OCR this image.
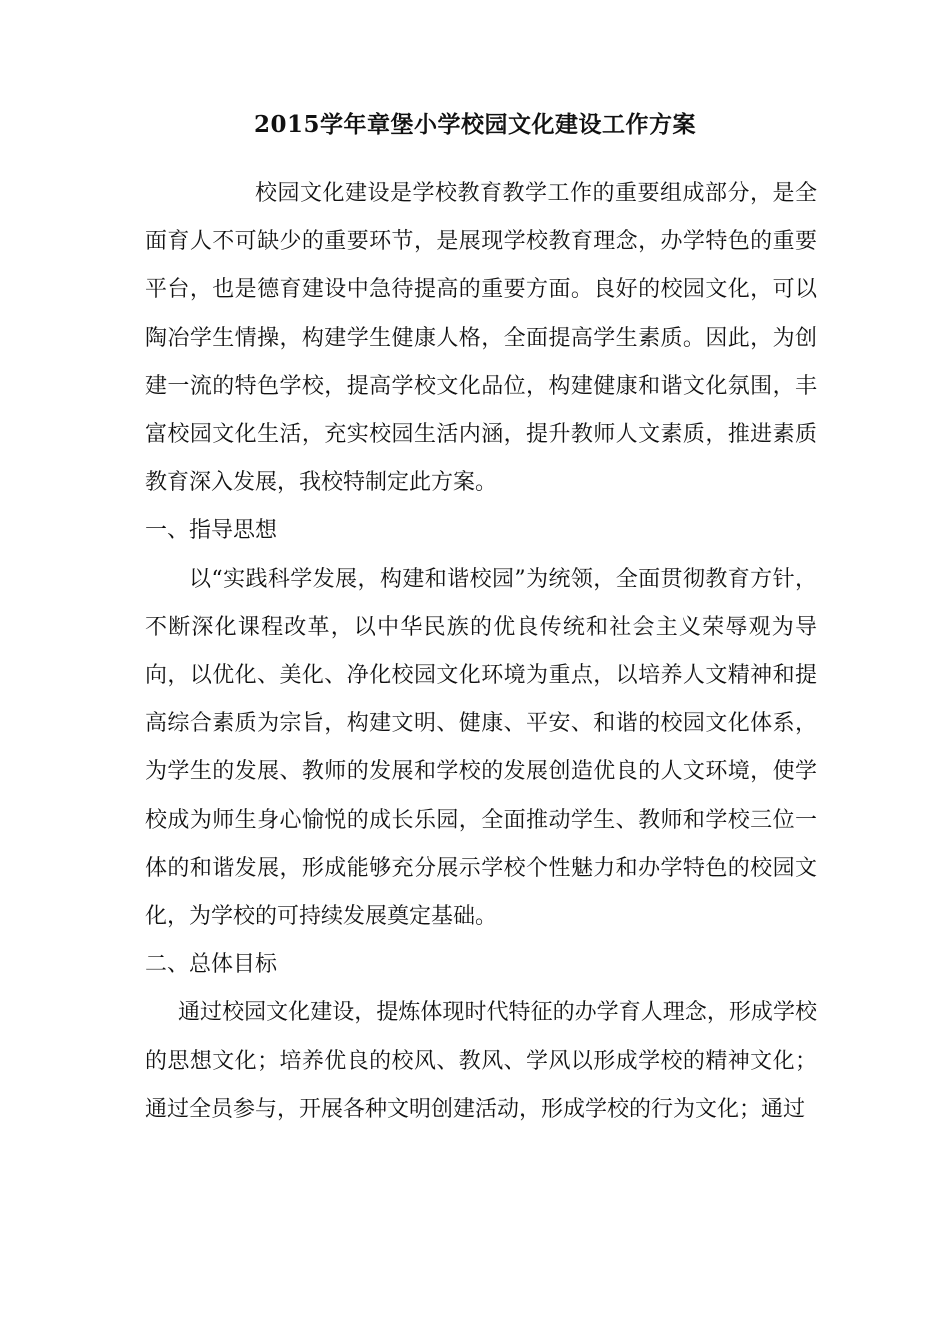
2015学年章堡小学校园文化建设工作方案

校园文化建设是学校教育教学工作的重要组成部分，是全面育人不可缺少的重要环节，是展现学校教育理念，办学特色的重要平台，也是德育建设中急待提高的重要方面。良好的校园文化，可以陶冶学生情操，构建学生健康人格，全面提高学生素质。因此，为创建一流的特色学校，提高学校文化品位，构建健康和谐文化氛围，丰富校园文化生活，充实校园生活内涵，提升教师人文素质，推进素质教育深入发展，我校特制定此方案。

一、指导思想

以“实践科学发展，构建和谐校园”为统领，全面贯彻教育方针，不断深化课程改革，以中华民族的优良传统和社会主义荣辱观为导向，以优化、美化、净化校园文化环境为重点，以培养人文精神和提高综合素质为宗旨，构建文明、健康、平安、和谐的校园文化体系，为学生的发展、教师的发展和学校的发展创造优良的人文环境，使学校成为师生身心愉悦的成长乐园，全面推动学生、教师和学校三位一体的和谐发展，形成能够充分展示学校个性魅力和办学特色的校园文化，为学校的可持续发展奠定基础。

二、总体目标

通过校园文化建设，提炼体现时代特征的办学育人理念，形成学校的思想文化；培养优良的校风、教风、学风以形成学校的精神文化；通过全员参与，开展各种文明创建活动，形成学校的行为文化；通过
